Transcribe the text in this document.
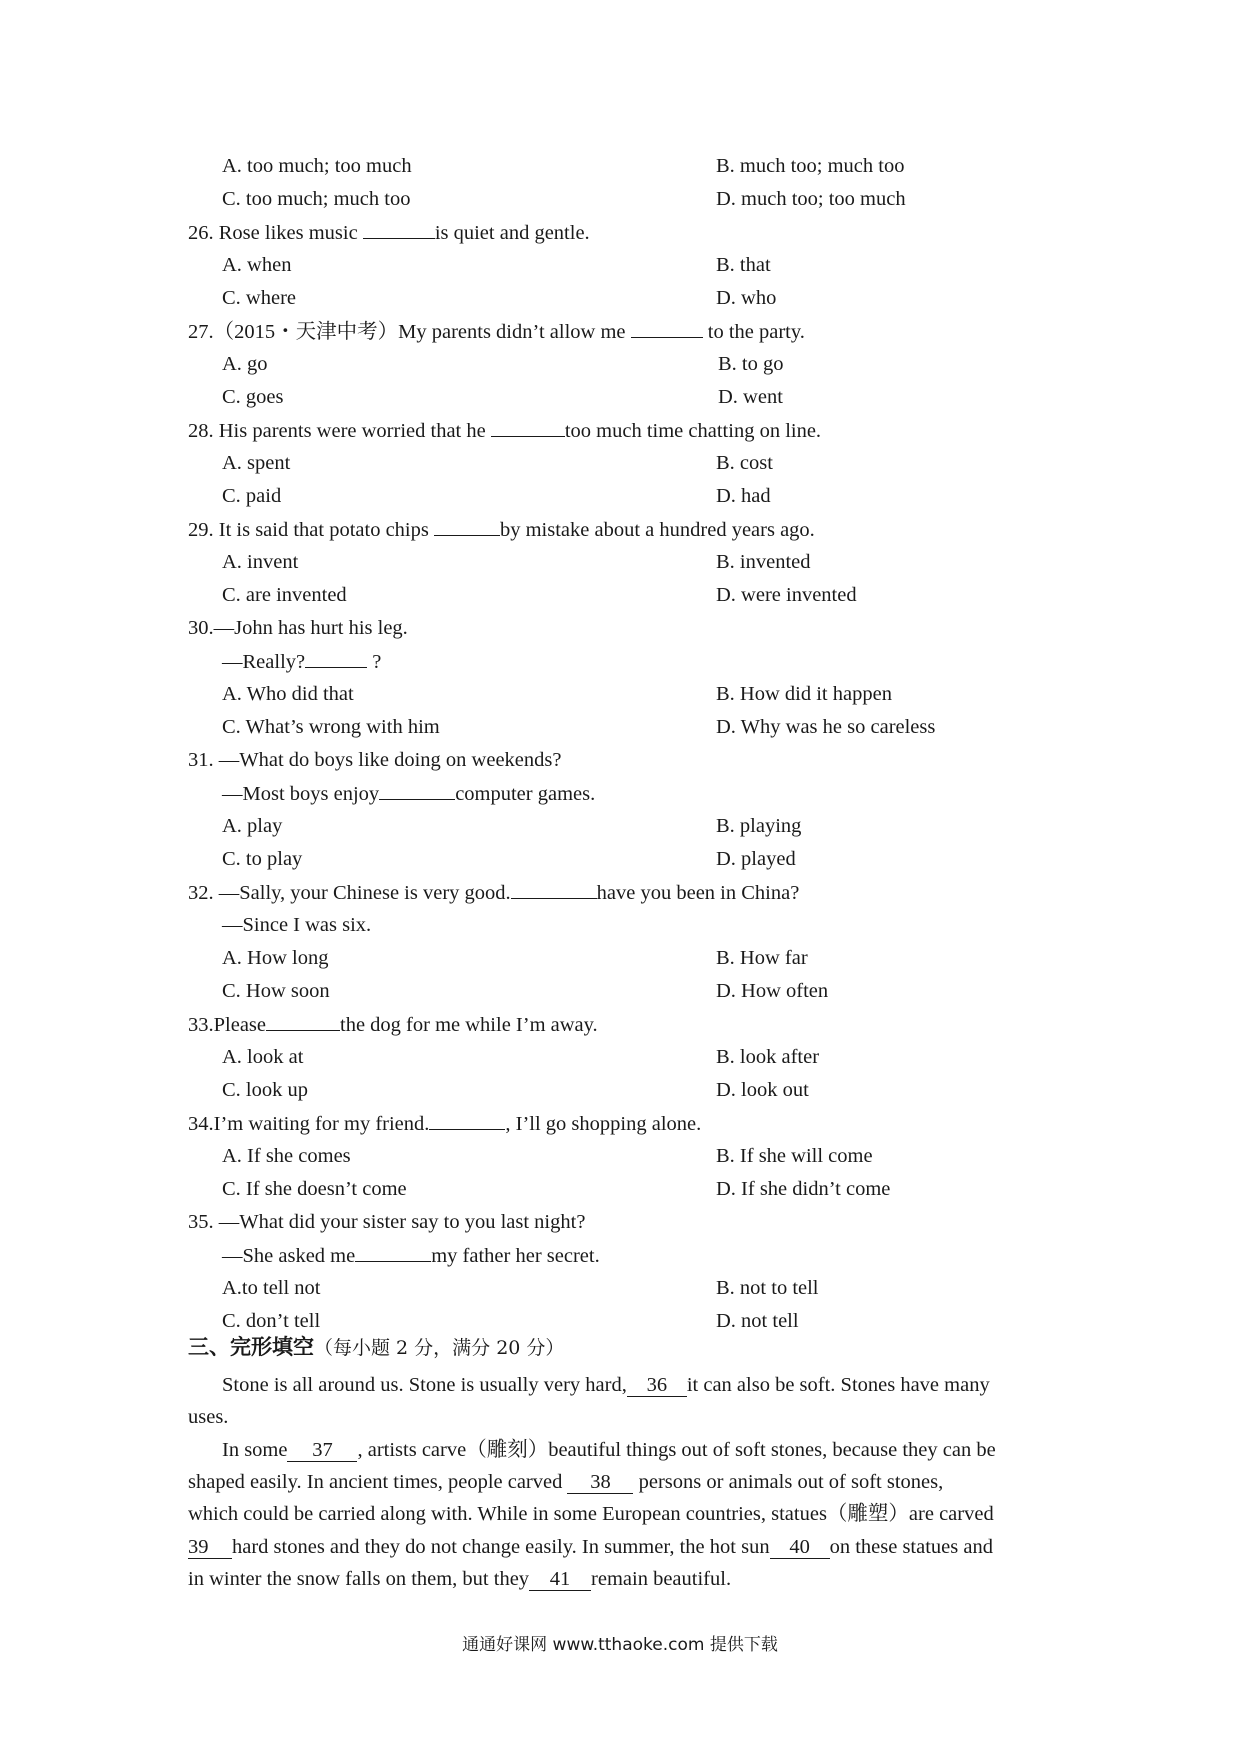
A. too much; too much	B. much too; much too
C. too much; much too	D. much too; too much
26. Rose likes music	is quiet and gentle.
A. when	B. that
C. where	D. who
27.（2015・天津中考）My parents didn’t allow me	to the party.
A. go	B. to go
C. goes	D. went
28. His parents were worried that he	too much time chatting on line.
A. spent	B. cost
C. paid	D. had
29. It is said that potato chips	by mistake about a hundred years ago.
A. invent	B. invented
C. are invented	D. were invented
30.—John has hurt his leg.
—Really?	?
A. Who did that	B. How did it happen
C. What’s wrong with him	D. Why was he so careless
31. —What do boys like doing on weekends?
—Most boys enjoy	computer games.
A. play	B. playing
C. to play	D. played
32. —Sally, your Chinese is very good.	have you been in China?
—Since I was six.
A. How long	B. How far
C. How soon	D. How often
33.Please	the dog for me while I’m away.
A. look at	B. look after
C. look up	D. look out
34.I’m waiting for my friend.	, I’ll go shopping alone.
A. If she comes	B. If she will come
C. If she doesn’t come	D. If she didn’t come
35. —What did your sister say to you last night?
—She asked me	my father her secret.
A.to tell not	B. not to tell
C. don’t tell	D. not tell
三、完形填空（每小题 2 分，满分 20 分）
Stone is all around us. Stone is usually very hard, 36 it can also be soft. Stones have many
uses.
In some 37 , artists carve（雕刻）beautiful things out of soft stones, because they can be
shaped easily. In ancient times, people carved 38 persons or animals out of soft stones,
which could be carried along with. While in some European countries, statues（雕塑）are carved
39 hard stones and they do not change easily. In summer, the hot sun 40 on these statues and
in winter the snow falls on them, but they 41 remain beautiful.
通通好课网 www.tthaoke.com 提供下载
